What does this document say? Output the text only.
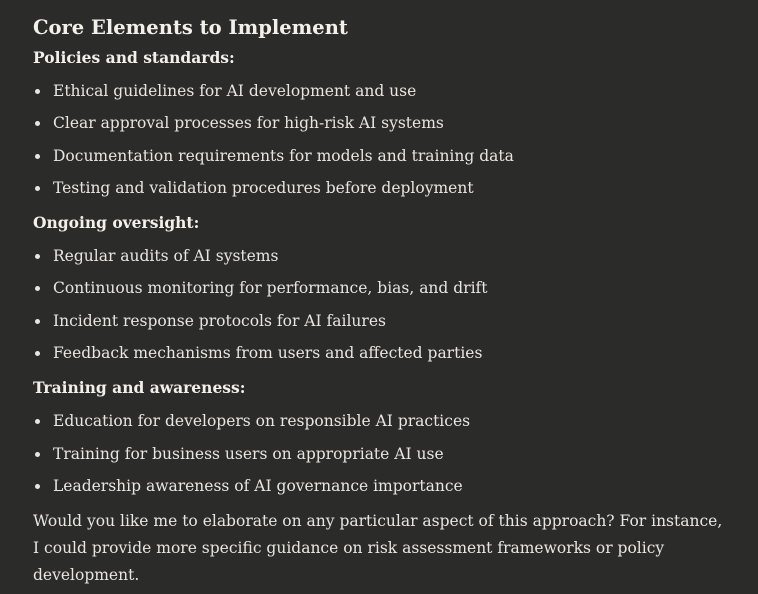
Core Elements to Implement

Policies and standards:

Ethical guidelines for AI development and use
Clear approval processes for high-risk AI systems
Documentation requirements for models and training data
Testing and validation procedures before deployment

Ongoing oversight:

Regular audits of AI systems
Continuous monitoring for performance, bias, and drift
Incident response protocols for AI failures
Feedback mechanisms from users and affected parties

Training and awareness:

Education for developers on responsible AI practices
Training for business users on appropriate AI use
Leadership awareness of AI governance importance

Would you like me to elaborate on any particular aspect of this approach? For instance, I could provide more specific guidance on risk assessment frameworks or policy development.
